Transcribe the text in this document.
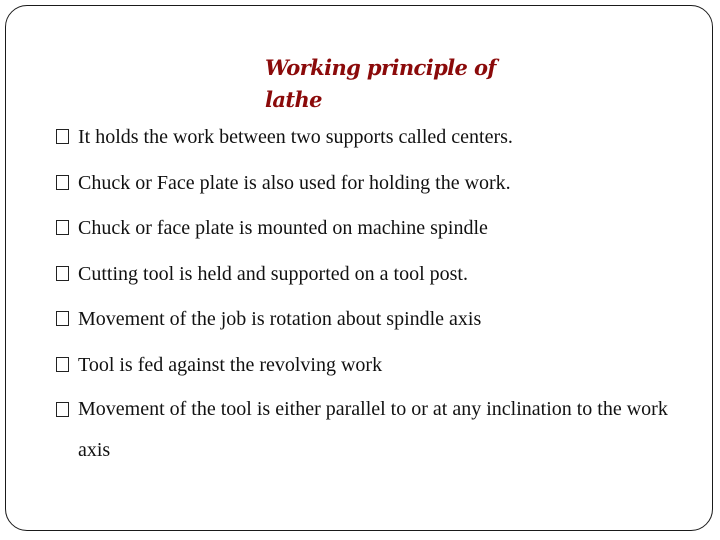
Working principle of lathe
It holds the work between two supports called centers.
Chuck or Face plate is also used for holding the work.
Chuck or face plate is mounted on machine spindle
Cutting tool is held and supported on a tool post.
Movement of the job is rotation about spindle axis
Tool is fed against the revolving work
Movement of the tool is either parallel to or at any inclination to the work axis
